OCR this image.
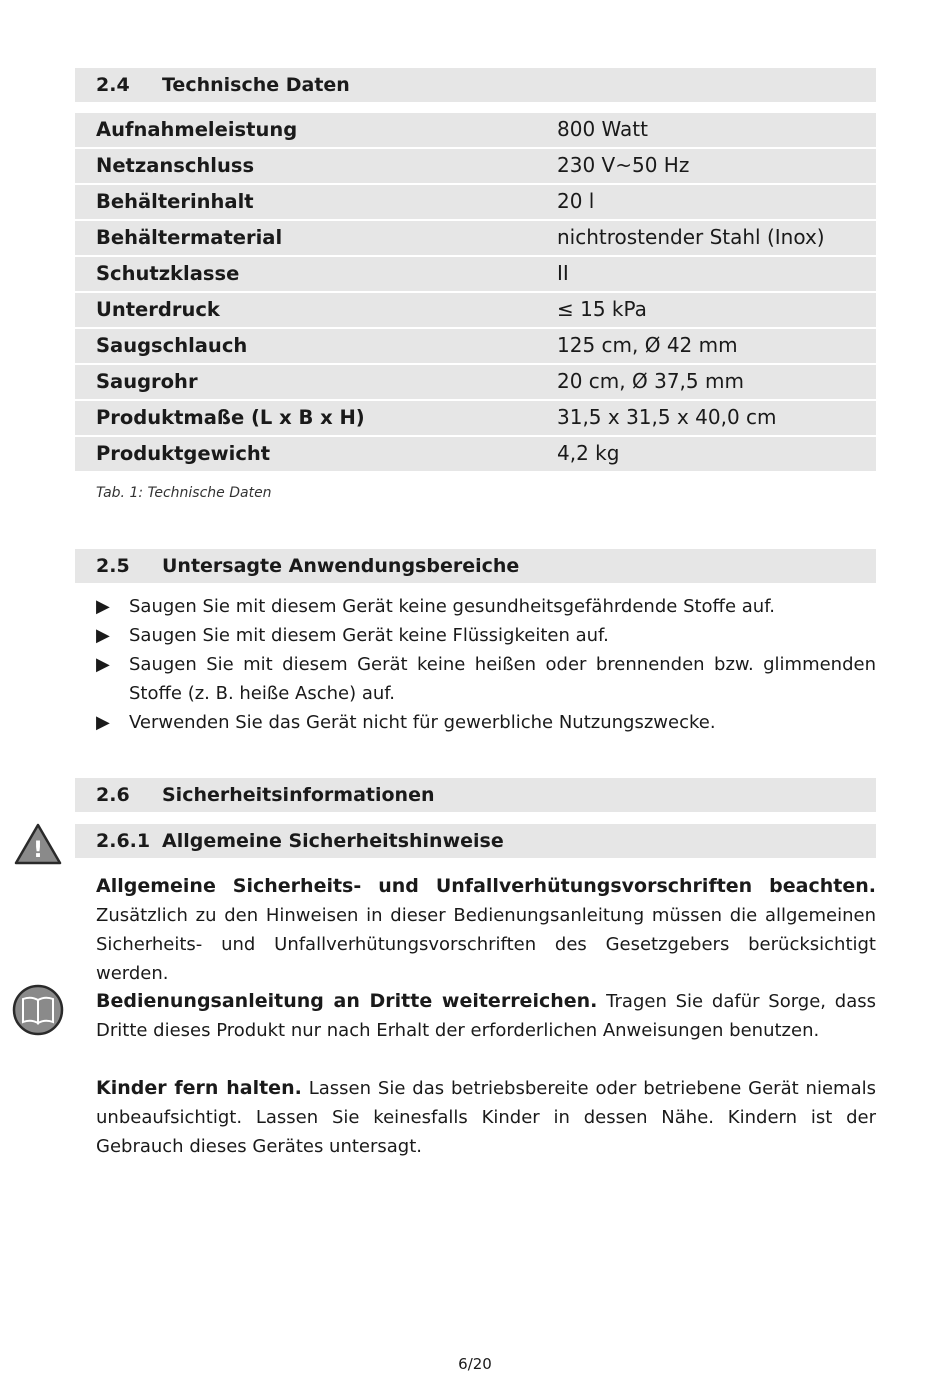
2.4 Technische Daten
Aufnahmeleistung	800 Watt
Netzanschluss	230 V~50 Hz
Behälterinhalt	20 l
Behältermaterial	nichtrostender Stahl (Inox)
Schutzklasse	II
Unterdruck	≤ 15 kPa
Saugschlauch	125 cm, Ø 42 mm
Saugrohr	20 cm, Ø 37,5 mm
Produktmaße (L x B x H)	31,5 x 31,5 x 40,0 cm
Produktgewicht	4,2 kg
Tab. 1: Technische Daten
2.5 Untersagte Anwendungsbereiche
▶ Saugen Sie mit diesem Gerät keine gesundheitsgefährdende Stoffe auf.
▶ Saugen Sie mit diesem Gerät keine Flüssigkeiten auf.
▶ Saugen Sie mit diesem Gerät keine heißen oder brennenden bzw. glimmenden Stoffe (z. B. heiße Asche) auf.
▶ Verwenden Sie das Gerät nicht für gewerbliche Nutzungszwecke.
2.6 Sicherheitsinformationen
!	2.6.1 Allgemeine Sicherheitshinweise
Allgemeine Sicherheits- und Unfallverhütungsvorschriften beachten. Zusätzlich zu den Hinweisen in dieser Bedienungsanleitung müssen die allgemeinen Sicherheits- und Unfallverhütungsvorschriften des Gesetzgebers berücksichtigt werden.
Bedienungsanleitung an Dritte weiterreichen. Tragen Sie dafür Sorge, dass Dritte dieses Produkt nur nach Erhalt der erforderlichen Anweisungen benutzen.
Kinder fern halten. Lassen Sie das betriebsbereite oder betriebene Gerät niemals unbeaufsichtigt. Lassen Sie keinesfalls Kinder in dessen Nähe. Kindern ist der Gebrauch dieses Gerätes untersagt.
6/20
